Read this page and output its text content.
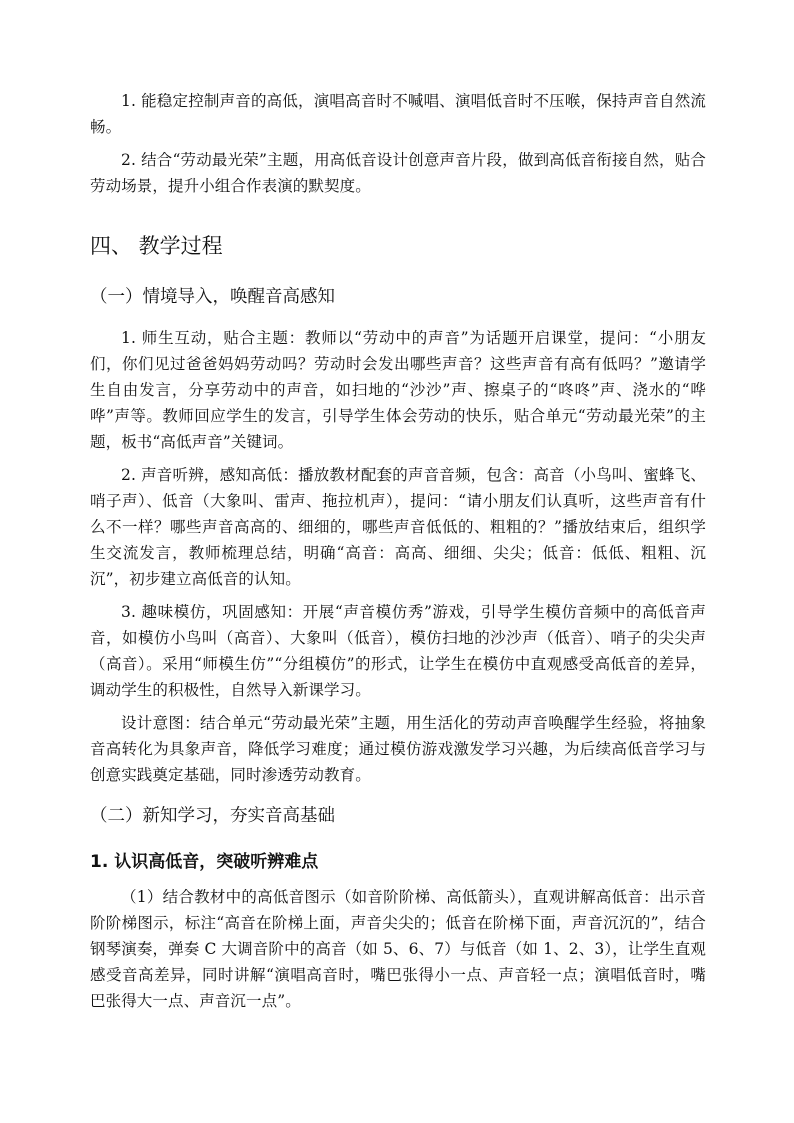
1. 能稳定控制声音的高低，演唱高音时不喊唱、演唱低音时不压喉，保持声音自然流畅。

2. 结合“劳动最光荣”主题，用高低音设计创意声音片段，做到高低音衔接自然，贴合劳动场景，提升小组合作表演的默契度。

四、 教学过程
（一）情境导入，唤醒音高感知

1. 师生互动，贴合主题：教师以“劳动中的声音”为话题开启课堂，提问：“小朋友们，你们见过爸爸妈妈劳动吗？劳动时会发出哪些声音？这些声音有高有低吗？”邀请学生自由发言，分享劳动中的声音，如扫地的“沙沙”声、擦桌子的“咚咚”声、浇水的“哗哗”声等。教师回应学生的发言，引导学生体会劳动的快乐，贴合单元“劳动最光荣”的主题，板书“高低声音”关键词。

2. 声音听辨，感知高低：播放教材配套的声音音频，包含：高音（小鸟叫、蜜蜂飞、哨子声）、低音（大象叫、雷声、拖拉机声），提问：“请小朋友们认真听，这些声音有什么不一样？哪些声音高高的、细细的，哪些声音低低的、粗粗的？”播放结束后，组织学生交流发言，教师梳理总结，明确“高音：高高、细细、尖尖；低音：低低、粗粗、沉沉”，初步建立高低音的认知。

3. 趣味模仿，巩固感知：开展“声音模仿秀”游戏，引导学生模仿音频中的高低音声音，如模仿小鸟叫（高音）、大象叫（低音），模仿扫地的沙沙声（低音）、哨子的尖尖声（高音）。采用“师模生仿”“分组模仿”的形式，让学生在模仿中直观感受高低音的差异，调动学生的积极性，自然导入新课学习。

设计意图：结合单元“劳动最光荣”主题，用生活化的劳动声音唤醒学生经验，将抽象音高转化为具象声音，降低学习难度；通过模仿游戏激发学习兴趣，为后续高低音学习与创意实践奠定基础，同时渗透劳动教育。

（二）新知学习，夯实音高基础
1. 认识高低音，突破听辨难点

（1）结合教材中的高低音图示（如音阶阶梯、高低箭头），直观讲解高低音：出示音阶阶梯图示，标注“高音在阶梯上面，声音尖尖的；低音在阶梯下面，声音沉沉的”，结合钢琴演奏，弹奏 C 大调音阶中的高音（如 5、6、7）与低音（如 1、2、3），让学生直观感受音高差异，同时讲解“演唱高音时，嘴巴张得小一点、声音轻一点；演唱低音时，嘴巴张得大一点、声音沉一点”。
